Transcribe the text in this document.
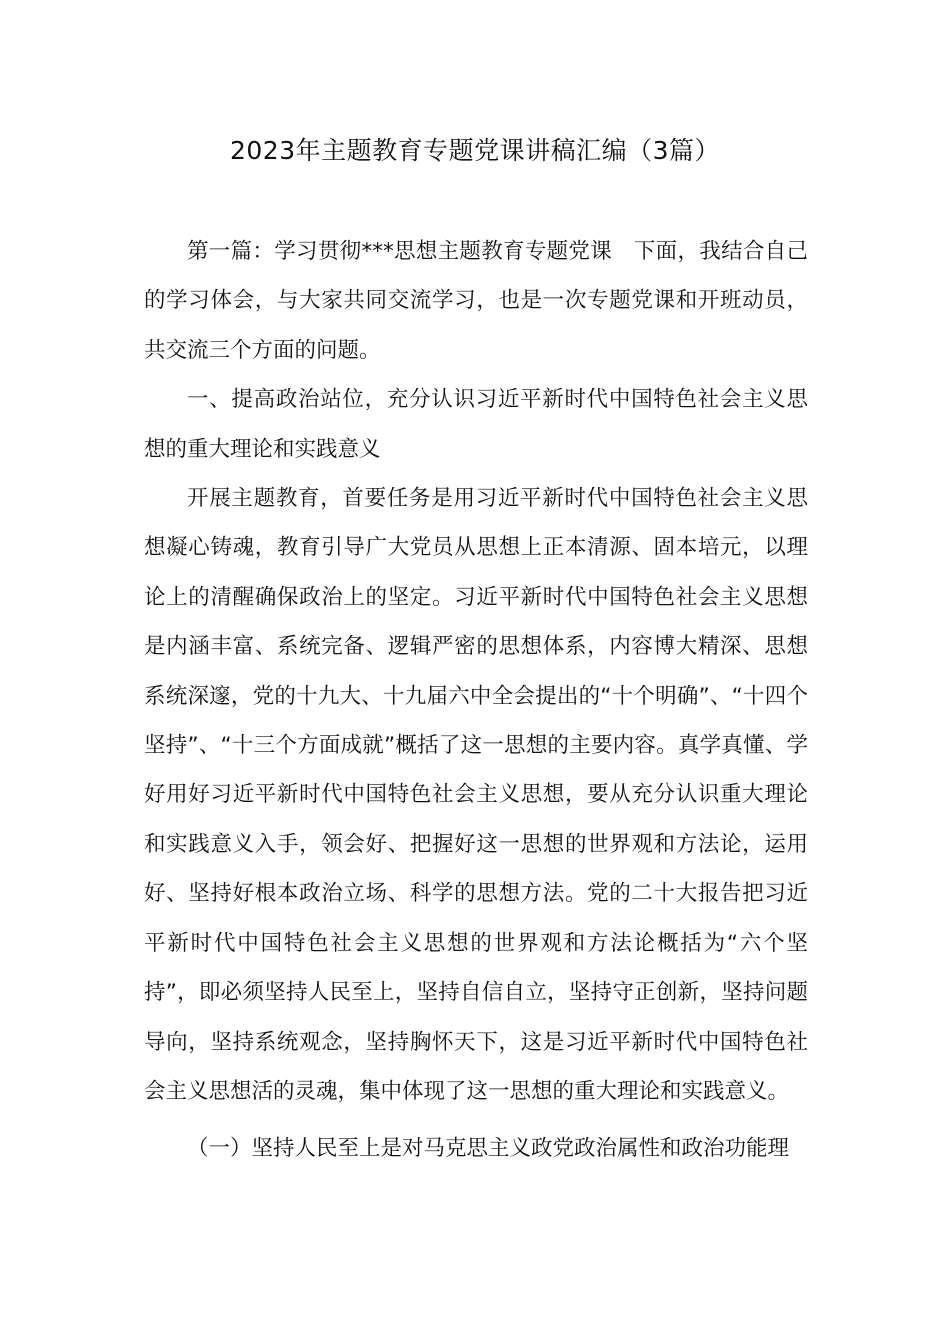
2023年主题教育专题党课讲稿汇编（3篇）

第一篇：学习贯彻***思想主题教育专题党课　下面，我结合自己的学习体会，与大家共同交流学习，也是一次专题党课和开班动员，共交流三个方面的问题。

一、提高政治站位，充分认识习近平新时代中国特色社会主义思想的重大理论和实践意义

开展主题教育，首要任务是用习近平新时代中国特色社会主义思想凝心铸魂，教育引导广大党员从思想上正本清源、固本培元，以理论上的清醒确保政治上的坚定。习近平新时代中国特色社会主义思想是内涵丰富、系统完备、逻辑严密的思想体系，内容博大精深、思想系统深邃，党的十九大、十九届六中全会提出的“十个明确”、“十四个坚持”、“十三个方面成就”概括了这一思想的主要内容。真学真懂、学好用好习近平新时代中国特色社会主义思想，要从充分认识重大理论和实践意义入手，领会好、把握好这一思想的世界观和方法论，运用好、坚持好根本政治立场、科学的思想方法。党的二十大报告把习近平新时代中国特色社会主义思想的世界观和方法论概括为“六个坚持”，即必须坚持人民至上，坚持自信自立，坚持守正创新，坚持问题导向，坚持系统观念，坚持胸怀天下，这是习近平新时代中国特色社会主义思想活的灵魂，集中体现了这一思想的重大理论和实践意义。

（一）坚持人民至上是对马克思主义政党政治属性和政治功能理
